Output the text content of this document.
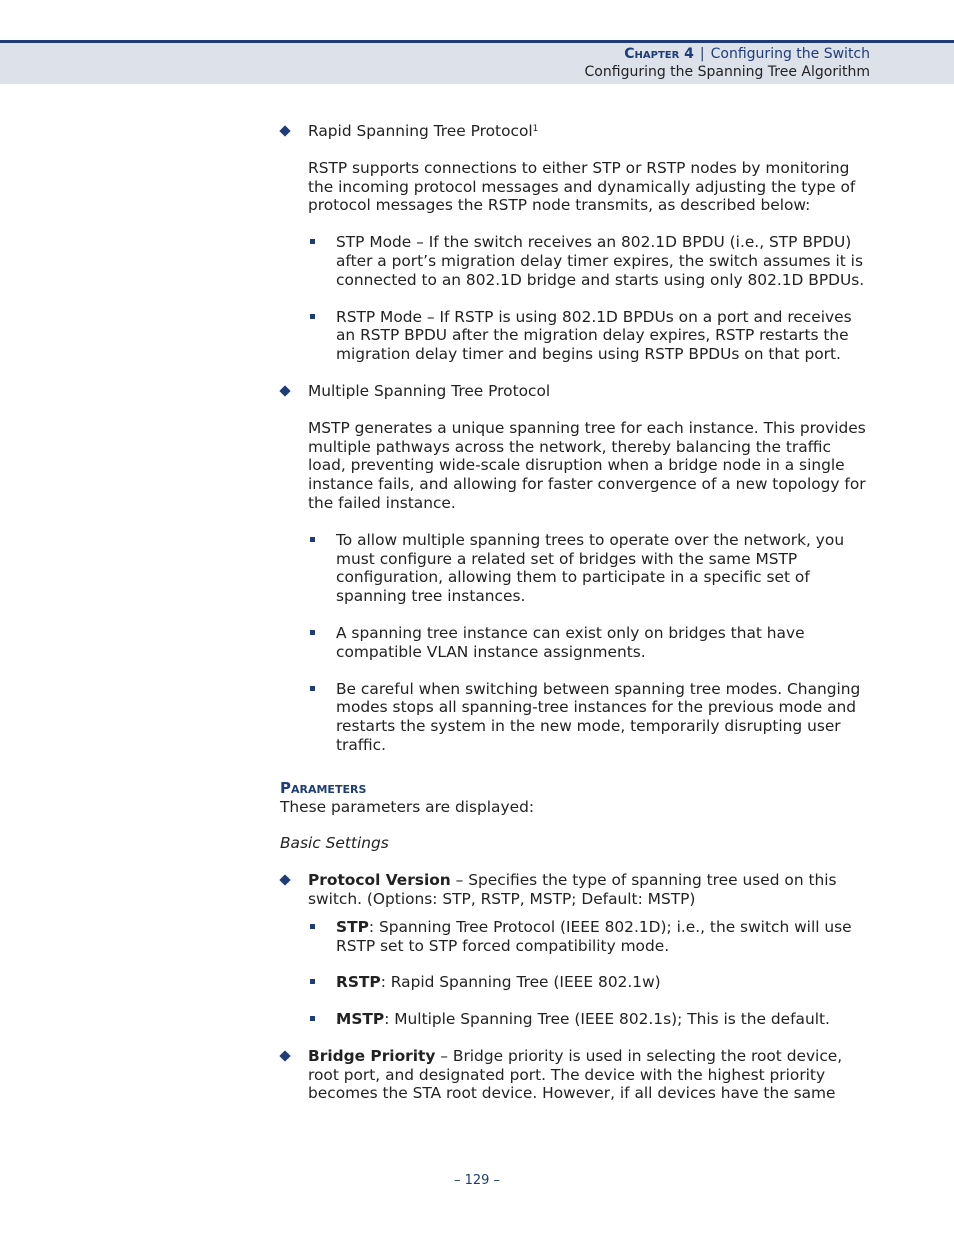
Chapter 4 | Configuring the Switch
Configuring the Spanning Tree Algorithm

Rapid Spanning Tree Protocol$^1$

RSTP supports connections to either STP or RSTP nodes by monitoring the incoming protocol messages and dynamically adjusting the type of protocol messages the RSTP node transmits, as described below:

STP Mode – If the switch receives an 802.1D BPDU (i.e., STP BPDU) after a port’s migration delay timer expires, the switch assumes it is connected to an 802.1D bridge and starts using only 802.1D BPDUs.

RSTP Mode – If RSTP is using 802.1D BPDUs on a port and receives an RSTP BPDU after the migration delay expires, RSTP restarts the migration delay timer and begins using RSTP BPDUs on that port.

Multiple Spanning Tree Protocol

MSTP generates a unique spanning tree for each instance. This provides multiple pathways across the network, thereby balancing the traffic load, preventing wide-scale disruption when a bridge node in a single instance fails, and allowing for faster convergence of a new topology for the failed instance.

To allow multiple spanning trees to operate over the network, you must configure a related set of bridges with the same MSTP configuration, allowing them to participate in a specific set of spanning tree instances.

A spanning tree instance can exist only on bridges that have compatible VLAN instance assignments.

Be careful when switching between spanning tree modes. Changing modes stops all spanning-tree instances for the previous mode and restarts the system in the new mode, temporarily disrupting user traffic.

Parameters

These parameters are displayed:

Basic Settings

Protocol Version – Specifies the type of spanning tree used on this switch. (Options: STP, RSTP, MSTP; Default: MSTP)

STP: Spanning Tree Protocol (IEEE 802.1D); i.e., the switch will use RSTP set to STP forced compatibility mode.

RSTP: Rapid Spanning Tree (IEEE 802.1w)

MSTP: Multiple Spanning Tree (IEEE 802.1s); This is the default.

Bridge Priority – Bridge priority is used in selecting the root device, root port, and designated port. The device with the highest priority becomes the STA root device. However, if all devices have the same

– 129 –
